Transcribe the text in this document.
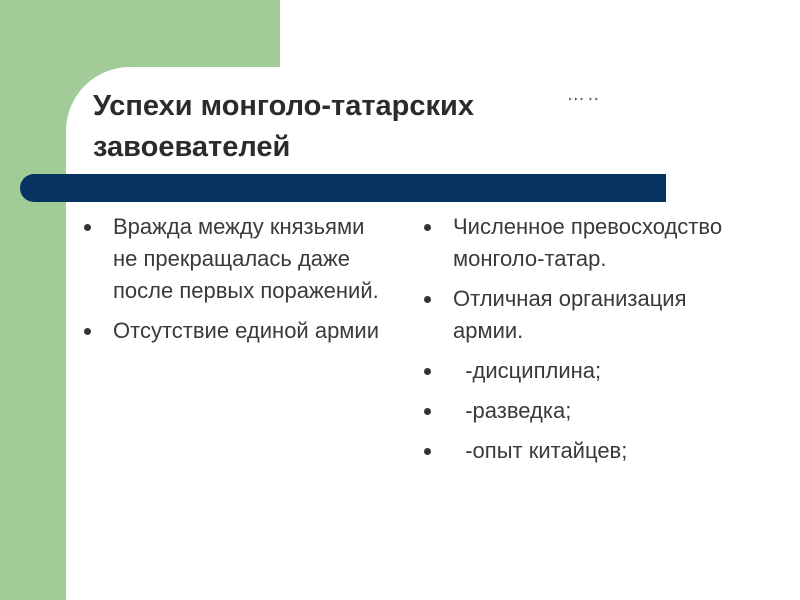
Успехи монголо-татарских
завоевателей
‣‣‣ ‣‣
Вражда между князьями не прекращалась даже после первых поражений.
Отсутствие единой армии
Численное превосходство монголо-татар.
Отличная организация армии.
-дисциплина;
-разведка;
-опыт китайцев;
